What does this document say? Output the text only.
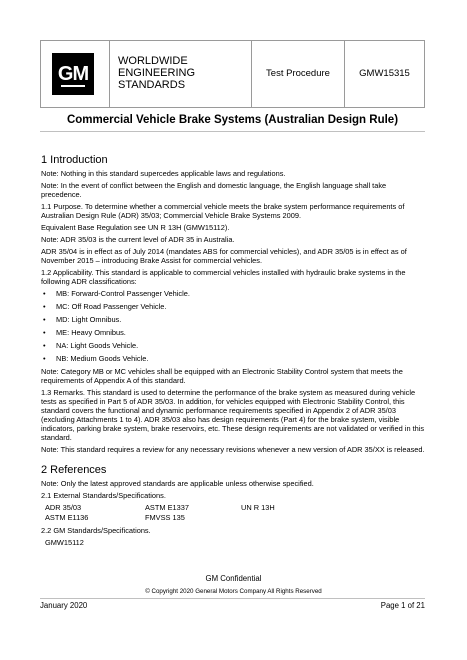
GM
WORLDWIDE
ENGINEERING
STANDARDS
Test Procedure	GMW15315
Commercial Vehicle Brake Systems (Australian Design Rule)
1 Introduction
Note: Nothing in this standard supercedes applicable laws and regulations.
Note: In the event of conflict between the English and domestic language, the English language shall take precedence.
1.1 Purpose. To determine whether a commercial vehicle meets the brake system performance requirements of Australian Design Rule (ADR) 35/03; Commercial Vehicle Brake Systems 2009.
Equivalent Base Regulation see UN R 13H (GMW15112).
Note: ADR 35/03 is the current level of ADR 35 in Australia.
ADR 35/04 is in effect as of July 2014 (mandates ABS for commercial vehicles), and ADR 35/05 is in effect as of November 2015 – introducing Brake Assist for commercial vehicles.
1.2 Applicability. This standard is applicable to commercial vehicles installed with hydraulic brake systems in the following ADR classifications:
• MB: Forward-Control Passenger Vehicle.
• MC: Off Road Passenger Vehicle.
• MD: Light Omnibus.
• ME: Heavy Omnibus.
• NA: Light Goods Vehicle.
• NB: Medium Goods Vehicle.
Note: Category MB or MC vehicles shall be equipped with an Electronic Stability Control system that meets the requirements of Appendix A of this standard.
1.3 Remarks. This standard is used to determine the performance of the brake system as measured during vehicle tests as specified in Part 5 of ADR 35/03. In addition, for vehicles equipped with Electronic Stability Control, this standard covers the functional and dynamic performance requirements specified in Appendix 2 of ADR 35/03 (excluding Attachments 1 to 4). ADR 35/03 also has design requirements (Part 4) for the brake system, visible indicators, parking brake system, brake reservoirs, etc. These design requirements are not validated or verified in this standard.
Note: This standard requires a review for any necessary revisions whenever a new version of ADR 35/XX is released.
2 References
Note: Only the latest approved standards are applicable unless otherwise specified.
2.1 External Standards/Specifications.
ADR 35/03	ASTM E1337	UN R 13H
ASTM E1136	FMVSS 135
2.2 GM Standards/Specifications.
GMW15112
GM Confidential
© Copyright 2020 General Motors Company All Rights Reserved
January 2020	Page 1 of 21
